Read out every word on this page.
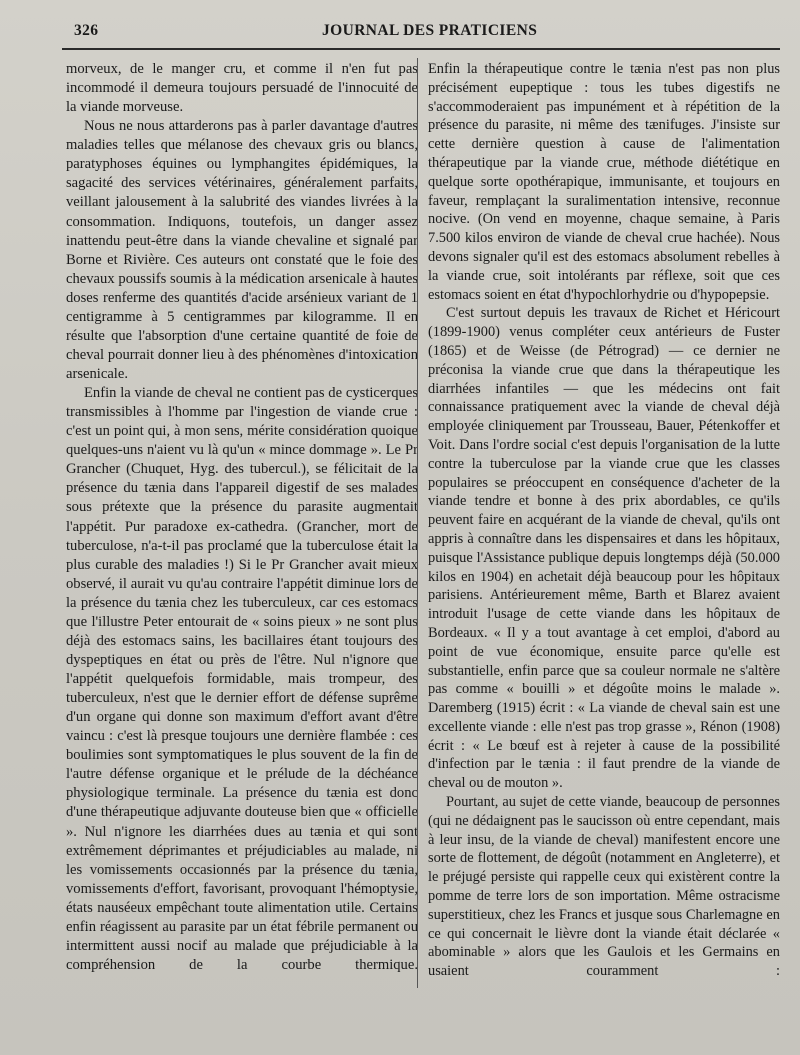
326	JOURNAL DES PRATICIENS

morveux, de le manger cru, et comme il n'en fut pas incommodé il demeura toujours persuadé de l'innocuité de la viande morveuse.

Nous ne nous attarderons pas à parler davantage d'autres maladies telles que mélanose des chevaux gris ou blancs, paratyphoses équines ou lymphangites épidémiques, la sagacité des services vétérinaires, généralement parfaits, veillant jalousement à la salubrité des viandes livrées à la consommation. Indiquons, toutefois, un danger assez inattendu peut-être dans la viande chevaline et signalé par Borne et Rivière. Ces auteurs ont constaté que le foie des chevaux poussifs soumis à la médication arsenicale à hautes doses renferme des quantités d'acide arsénieux variant de 1 centigramme à 5 centigrammes par kilogramme. Il en résulte que l'absorption d'une certaine quantité de foie de cheval pourrait donner lieu à des phénomènes d'intoxication arsenicale.

Enfin la viande de cheval ne contient pas de cysticerques transmissibles à l'homme par l'ingestion de viande crue : c'est un point qui, à mon sens, mérite considération quoique quelques-uns n'aient vu là qu'un « mince dommage ». Le Pr Grancher (Chuquet, Hyg. des tubercul.), se félicitait de la présence du tænia dans l'appareil digestif de ses malades sous prétexte que la présence du parasite augmentait l'appétit. Pur paradoxe ex-cathedra. (Grancher, mort de tuberculose, n'a-t-il pas proclamé que la tuberculose était la plus curable des maladies !) Si le Pr Grancher avait mieux observé, il aurait vu qu'au contraire l'appétit diminue lors de la présence du tænia chez les tuberculeux, car ces estomacs que l'illustre Peter entourait de « soins pieux » ne sont plus déjà des estomacs sains, les bacillaires étant toujours des dyspeptiques en état ou près de l'être. Nul n'ignore que l'appétit quelquefois formidable, mais trompeur, des tuberculeux, n'est que le dernier effort de défense suprême d'un organe qui donne son maximum d'effort avant d'être vaincu : c'est là presque toujours une dernière flambée : ces boulimies sont symptomatiques le plus souvent de la fin de l'autre défense organique et le prélude de la déchéance physiologique terminale. La présence du tænia est donc d'une thérapeutique adjuvante douteuse bien que « officielle ». Nul n'ignore les diarrhées dues au tænia et qui sont extrêmement déprimantes et préjudiciables au malade, ni les vomissements occasionnés par la présence du tænia, vomissements d'effort, favorisant, provoquant l'hémoptysie, états nauséeux empêchant toute alimentation utile. Certains enfin réagissent au parasite par un état fébrile permanent ou intermittent aussi nocif au malade que préjudiciable à la compréhension de la courbe thermique.

Enfin la thérapeutique contre le tænia n'est pas non plus précisément eupeptique : tous les tubes digestifs ne s'accommoderaient pas impunément et à répétition de la présence du parasite, ni même des tænifuges. J'insiste sur cette dernière question à cause de l'alimentation thérapeutique par la viande crue, méthode diététique en quelque sorte opothérapique, immunisante, et toujours en faveur, remplaçant la suralimentation intensive, reconnue nocive. (On vend en moyenne, chaque semaine, à Paris 7.500 kilos environ de viande de cheval crue hachée). Nous devons signaler qu'il est des estomacs absolument rebelles à la viande crue, soit intolérants par réflexe, soit que ces estomacs soient en état d'hypochlorhydrie ou d'hypopepsie.

C'est surtout depuis les travaux de Richet et Héricourt (1899-1900) venus compléter ceux antérieurs de Fuster (1865) et de Weisse (de Pétrograd) — ce dernier ne préconisa la viande crue que dans la thérapeutique les diarrhées infantiles — que les médecins ont fait connaissance pratiquement avec la viande de cheval déjà employée cliniquement par Trousseau, Bauer, Pétenkoffer et Voit. Dans l'ordre social c'est depuis l'organisation de la lutte contre la tuberculose par la viande crue que les classes populaires se préoccupent en conséquence d'acheter de la viande tendre et bonne à des prix abordables, ce qu'ils peuvent faire en acquérant de la viande de cheval, qu'ils ont appris à connaître dans les dispensaires et dans les hôpitaux, puisque l'Assistance publique depuis longtemps déjà (50.000 kilos en 1904) en achetait déjà beaucoup pour les hôpitaux parisiens. Antérieurement même, Barth et Blarez avaient introduit l'usage de cette viande dans les hôpitaux de Bordeaux. « Il y a tout avantage à cet emploi, d'abord au point de vue économique, ensuite parce qu'elle est substantielle, enfin parce que sa couleur normale ne s'altère pas comme « bouilli » et dégoûte moins le malade ». Daremberg (1915) écrit : « La viande de cheval sain est une excellente viande : elle n'est pas trop grasse », Rénon (1908) écrit : « Le bœuf est à rejeter à cause de la possibilité d'infection par le tænia : il faut prendre de la viande de cheval ou de mouton ».

Pourtant, au sujet de cette viande, beaucoup de personnes (qui ne dédaignent pas le saucisson où entre cependant, mais à leur insu, de la viande de cheval) manifestent encore une sorte de flottement, de dégoût (notamment en Angleterre), et le préjugé persiste qui rappelle ceux qui existèrent contre la pomme de terre lors de son importation. Même ostracisme superstitieux, chez les Francs et jusque sous Charlemagne en ce qui concernait le lièvre dont la viande était déclarée « abominable » alors que les Gaulois et les Germains en usaient couramment :
